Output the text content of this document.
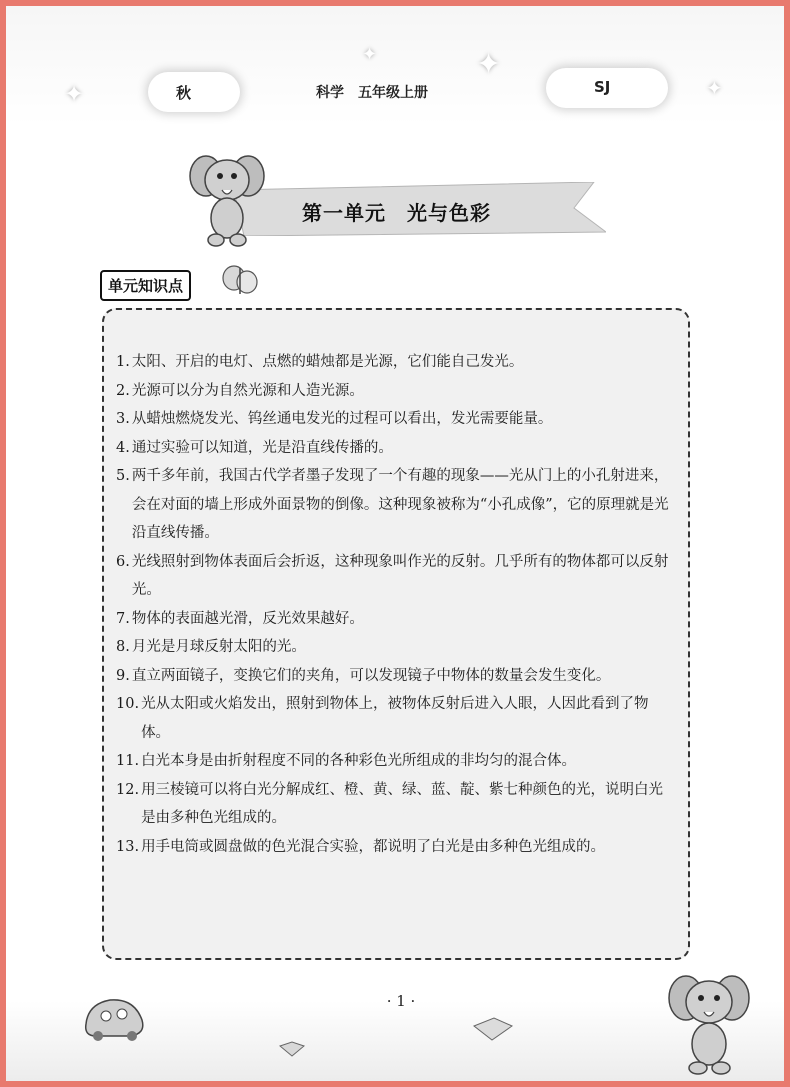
✦
✦	✦
✦
秋	科学　五年级上册	SJ
第一单元　光与色彩
单元知识点
1. 太阳、开启的电灯、点燃的蜡烛都是光源，它们能自己发光。
2. 光源可以分为自然光源和人造光源。
3. 从蜡烛燃烧发光、钨丝通电发光的过程可以看出，发光需要能量。
4. 通过实验可以知道，光是沿直线传播的。
5. 两千多年前，我国古代学者墨子发现了一个有趣的现象——光从门上的小孔射进来，会在对面的墙上形成外面景物的倒像。这种现象被称为“小孔成像”，它的原理就是光沿直线传播。
6. 光线照射到物体表面后会折返，这种现象叫作光的反射。几乎所有的物体都可以反射光。
7. 物体的表面越光滑，反光效果越好。
8. 月光是月球反射太阳的光。
9. 直立两面镜子，变换它们的夹角，可以发现镜子中物体的数量会发生变化。
10. 光从太阳或火焰发出，照射到物体上，被物体反射后进入人眼，人因此看到了物体。
11. 白光本身是由折射程度不同的各种彩色光所组成的非均匀的混合体。
12. 用三棱镜可以将白光分解成红、橙、黄、绿、蓝、靛、紫七种颜色的光，说明白光是由多种色光组成的。
13. 用手电筒或圆盘做的色光混合实验，都说明了白光是由多种色光组成的。
· 1 ·
